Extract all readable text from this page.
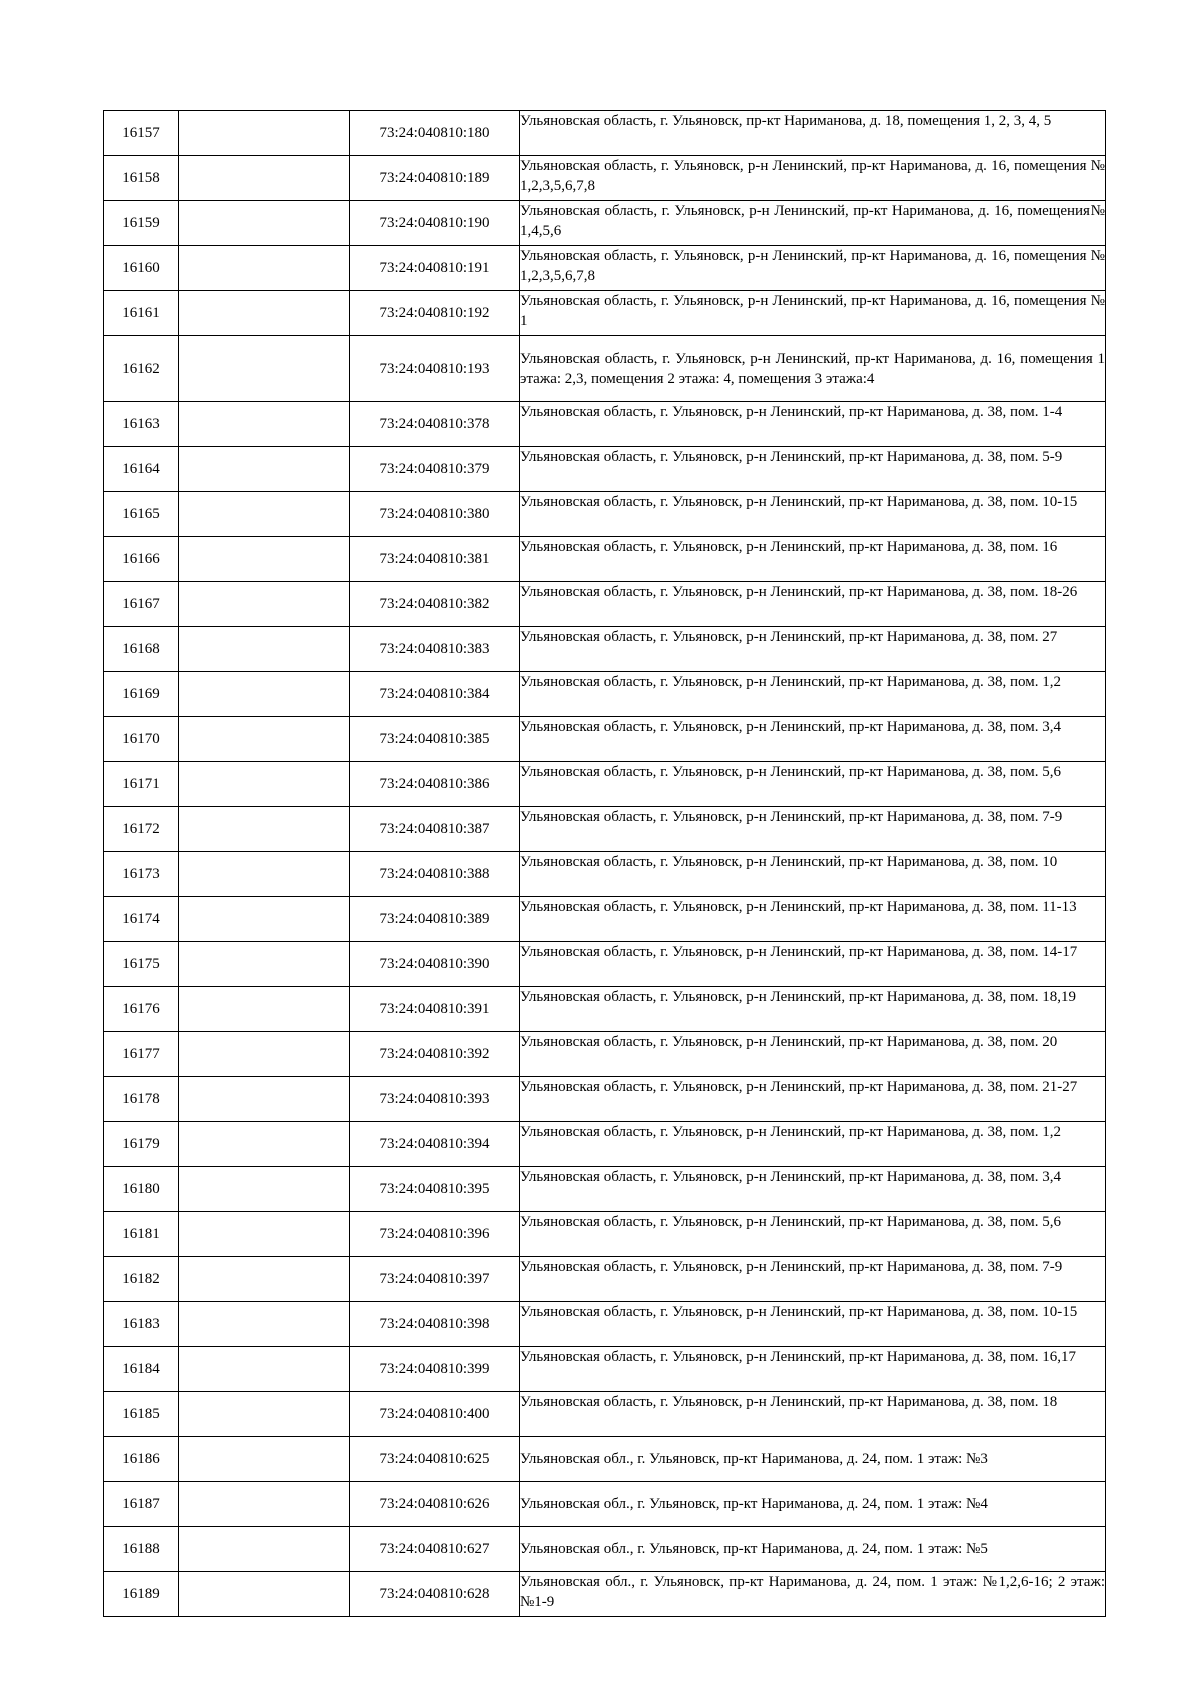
16157		73:24:040810:180	Ульяновская область, г. Ульяновск, пр-кт Нариманова, д. 18, помещения 1, 2, 3, 4, 5
16158		73:24:040810:189	Ульяновская область, г. Ульяновск, р-н Ленинский, пр-кт Нариманова, д. 16, помещения № 1,2,3,5,6,7,8
16159		73:24:040810:190	Ульяновская область, г. Ульяновск, р-н Ленинский, пр-кт Нариманова, д. 16, помещения№ 1,4,5,6
16160		73:24:040810:191	Ульяновская область, г. Ульяновск, р-н Ленинский, пр-кт Нариманова, д. 16, помещения № 1,2,3,5,6,7,8
16161		73:24:040810:192	Ульяновская область, г. Ульяновск, р-н Ленинский, пр-кт Нариманова, д. 16, помещения № 1
16162		73:24:040810:193	Ульяновская область, г. Ульяновск, р-н Ленинский, пр-кт Нариманова, д. 16, помещения 1 этажа: 2,3, помещения 2 этажа: 4, помещения 3 этажа:4
16163		73:24:040810:378	Ульяновская область, г. Ульяновск, р-н Ленинский, пр-кт Нариманова, д. 38, пом. 1-4
16164		73:24:040810:379	Ульяновская область, г. Ульяновск, р-н Ленинский, пр-кт Нариманова, д. 38, пом. 5-9
16165		73:24:040810:380	Ульяновская область, г. Ульяновск, р-н Ленинский, пр-кт Нариманова, д. 38, пом. 10-15
16166		73:24:040810:381	Ульяновская область, г. Ульяновск, р-н Ленинский, пр-кт Нариманова, д. 38, пом. 16
16167		73:24:040810:382	Ульяновская область, г. Ульяновск, р-н Ленинский, пр-кт Нариманова, д. 38, пом. 18-26
16168		73:24:040810:383	Ульяновская область, г. Ульяновск, р-н Ленинский, пр-кт Нариманова, д. 38, пом. 27
16169		73:24:040810:384	Ульяновская область, г. Ульяновск, р-н Ленинский, пр-кт Нариманова, д. 38, пом. 1,2
16170		73:24:040810:385	Ульяновская область, г. Ульяновск, р-н Ленинский, пр-кт Нариманова, д. 38, пом. 3,4
16171		73:24:040810:386	Ульяновская область, г. Ульяновск, р-н Ленинский, пр-кт Нариманова, д. 38, пом. 5,6
16172		73:24:040810:387	Ульяновская область, г. Ульяновск, р-н Ленинский, пр-кт Нариманова, д. 38, пом. 7-9
16173		73:24:040810:388	Ульяновская область, г. Ульяновск, р-н Ленинский, пр-кт Нариманова, д. 38, пом. 10
16174		73:24:040810:389	Ульяновская область, г. Ульяновск, р-н Ленинский, пр-кт Нариманова, д. 38, пом. 11-13
16175		73:24:040810:390	Ульяновская область, г. Ульяновск, р-н Ленинский, пр-кт Нариманова, д. 38, пом. 14-17
16176		73:24:040810:391	Ульяновская область, г. Ульяновск, р-н Ленинский, пр-кт Нариманова, д. 38, пом. 18,19
16177		73:24:040810:392	Ульяновская область, г. Ульяновск, р-н Ленинский, пр-кт Нариманова, д. 38, пом. 20
16178		73:24:040810:393	Ульяновская область, г. Ульяновск, р-н Ленинский, пр-кт Нариманова, д. 38, пом. 21-27
16179		73:24:040810:394	Ульяновская область, г. Ульяновск, р-н Ленинский, пр-кт Нариманова, д. 38, пом. 1,2
16180		73:24:040810:395	Ульяновская область, г. Ульяновск, р-н Ленинский, пр-кт Нариманова, д. 38, пом. 3,4
16181		73:24:040810:396	Ульяновская область, г. Ульяновск, р-н Ленинский, пр-кт Нариманова, д. 38, пом. 5,6
16182		73:24:040810:397	Ульяновская область, г. Ульяновск, р-н Ленинский, пр-кт Нариманова, д. 38, пом. 7-9
16183		73:24:040810:398	Ульяновская область, г. Ульяновск, р-н Ленинский, пр-кт Нариманова, д. 38, пом. 10-15
16184		73:24:040810:399	Ульяновская область, г. Ульяновск, р-н Ленинский, пр-кт Нариманова, д. 38, пом. 16,17
16185		73:24:040810:400	Ульяновская область, г. Ульяновск, р-н Ленинский, пр-кт Нариманова, д. 38, пом. 18
16186		73:24:040810:625	Ульяновская обл., г. Ульяновск, пр-кт Нариманова, д. 24, пом. 1 этаж: №3
16187		73:24:040810:626	Ульяновская обл., г. Ульяновск, пр-кт Нариманова, д. 24, пом. 1 этаж: №4
16188		73:24:040810:627	Ульяновская обл., г. Ульяновск, пр-кт Нариманова, д. 24, пом. 1 этаж: №5
16189		73:24:040810:628	Ульяновская обл., г. Ульяновск, пр-кт Нариманова, д. 24, пом. 1 этаж: №1,2,6-16; 2 этаж: №1-9
